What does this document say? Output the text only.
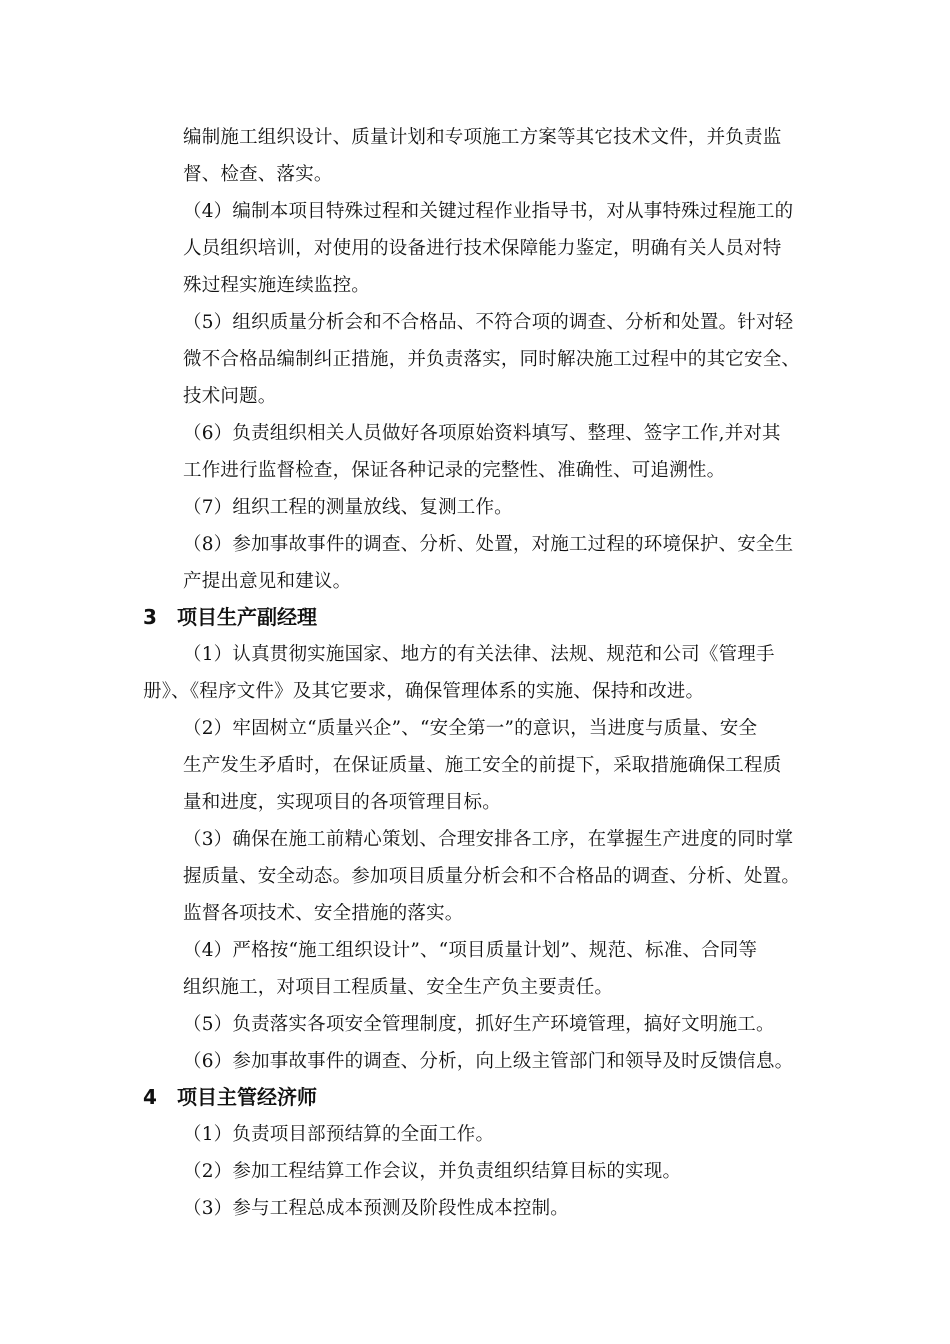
编制施工组织设计、质量计划和专项施工方案等其它技术文件，并负责监
督、检查、落实。
（4）编制本项目特殊过程和关键过程作业指导书，对从事特殊过程施工的
人员组织培训，对使用的设备进行技术保障能力鉴定，明确有关人员对特
殊过程实施连续监控。
（5）组织质量分析会和不合格品、不符合项的调查、分析和处置。针对轻
微不合格品编制纠正措施，并负责落实，同时解决施工过程中的其它安全、
技术问题。
（6）负责组织相关人员做好各项原始资料填写、整理、签字工作,并对其
工作进行监督检查，保证各种记录的完整性、准确性、可追溯性。
（7）组织工程的测量放线、复测工作。
（8）参加事故事件的调查、分析、处置，对施工过程的环境保护、安全生
产提出意见和建议。
3 项目生产副经理
（1）认真贯彻实施国家、地方的有关法律、法规、规范和公司《管理手
册》、《程序文件》及其它要求，确保管理体系的实施、保持和改进。
（2）牢固树立“质量兴企”、“安全第一”的意识，当进度与质量、安全
生产发生矛盾时，在保证质量、施工安全的前提下，采取措施确保工程质
量和进度，实现项目的各项管理目标。
（3）确保在施工前精心策划、合理安排各工序，在掌握生产进度的同时掌
握质量、安全动态。参加项目质量分析会和不合格品的调查、分析、处置。
监督各项技术、安全措施的落实。
（4）严格按“施工组织设计”、“项目质量计划”、规范、标准、合同等
组织施工，对项目工程质量、安全生产负主要责任。
（5）负责落实各项安全管理制度，抓好生产环境管理，搞好文明施工。
（6）参加事故事件的调查、分析，向上级主管部门和领导及时反馈信息。
4 项目主管经济师
（1）负责项目部预结算的全面工作。
（2）参加工程结算工作会议，并负责组织结算目标的实现。
（3）参与工程总成本预测及阶段性成本控制。
